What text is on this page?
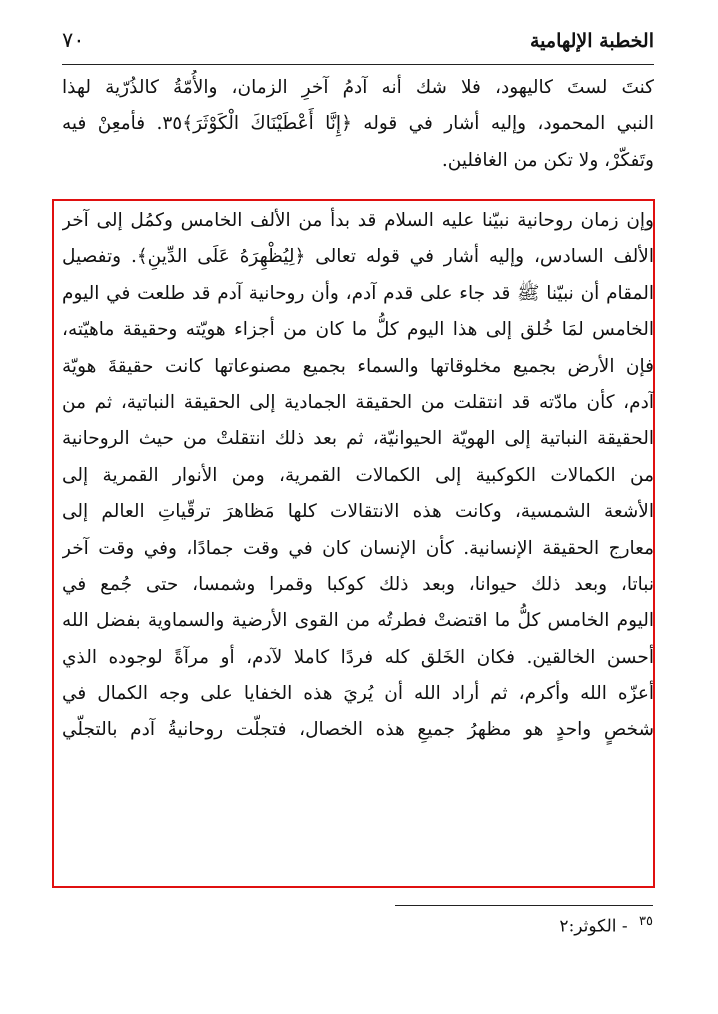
٧٠	الخطبة الإلهامية
كنتَ لستَ كاليهود، فلا شك أنه آدمُ آخرِ الزمان، والأُمّةُ كالذُرّية لهذا
النبي المحمود، وإليه أشار في قوله ﴿إِنَّا أَعْطَيْنَاكَ الْكَوْثَرَ﴾٣٥. فأمعِنْ فيه
وتَفكّرْ، ولا تكن من الغافلين.
وإن زمان روحانية نبيّنا عليه السلام قد بدأ من الألف الخامس وكمُل إلى آخر
الألف السادس، وإليه أشار في قوله تعالى ﴿لِيُظْهِرَهُ عَلَى الدِّينِ﴾. وتفصيل
المقام أن نبيّنا ﷺ قد جاء على قدم آدم، وأن روحانية آدم قد طلعت في اليوم
الخامس لمَا خُلق إلى هذا اليوم كلُّ ما كان من أجزاء هويّته وحقيقة ماهيّته،
فإن الأرض بجميع مخلوقاتها والسماء بجميع مصنوعاتها كانت حقيقةَ هويّة
آدم، كأن مادّته قد انتقلت من الحقيقة الجمادية إلى الحقيقة النباتية، ثم من
الحقيقة النباتية إلى الهويّة الحيوانيّة، ثم بعد ذلك انتقلتْ من حيث الروحانية
من الكمالات الكوكبية إلى الكمالات القمرية، ومن الأنوار القمرية إلى
الأشعة الشمسية، وكانت هذه الانتقالات كلها مَظاهرَ ترقّياتِ العالم إلى
معارج الحقيقة الإنسانية. كأن الإنسان كان في وقت جمادًا، وفي وقت آخر
نباتا، وبعد ذلك حيوانا، وبعد ذلك كوكبا وقمرا وشمسا، حتى جُمع في
اليوم الخامس كلُّ ما اقتضتْ فطرتُه من القوى الأرضية والسماوية بفضل الله
أحسن الخالقين. فكان الخَلق كله فردًا كاملا لآدم، أو مرآةً لوجوده الذي
أعزّه الله وأكرم، ثم أراد الله أن يُريَ هذه الخفايا على وجه الكمال في
شخصٍ واحدٍ هو مظهرُ جميعِ هذه الخصال، فتجلّت روحانيةُ آدم بالتجلّي
$^{٣٥}$ - الكوثر:٢
